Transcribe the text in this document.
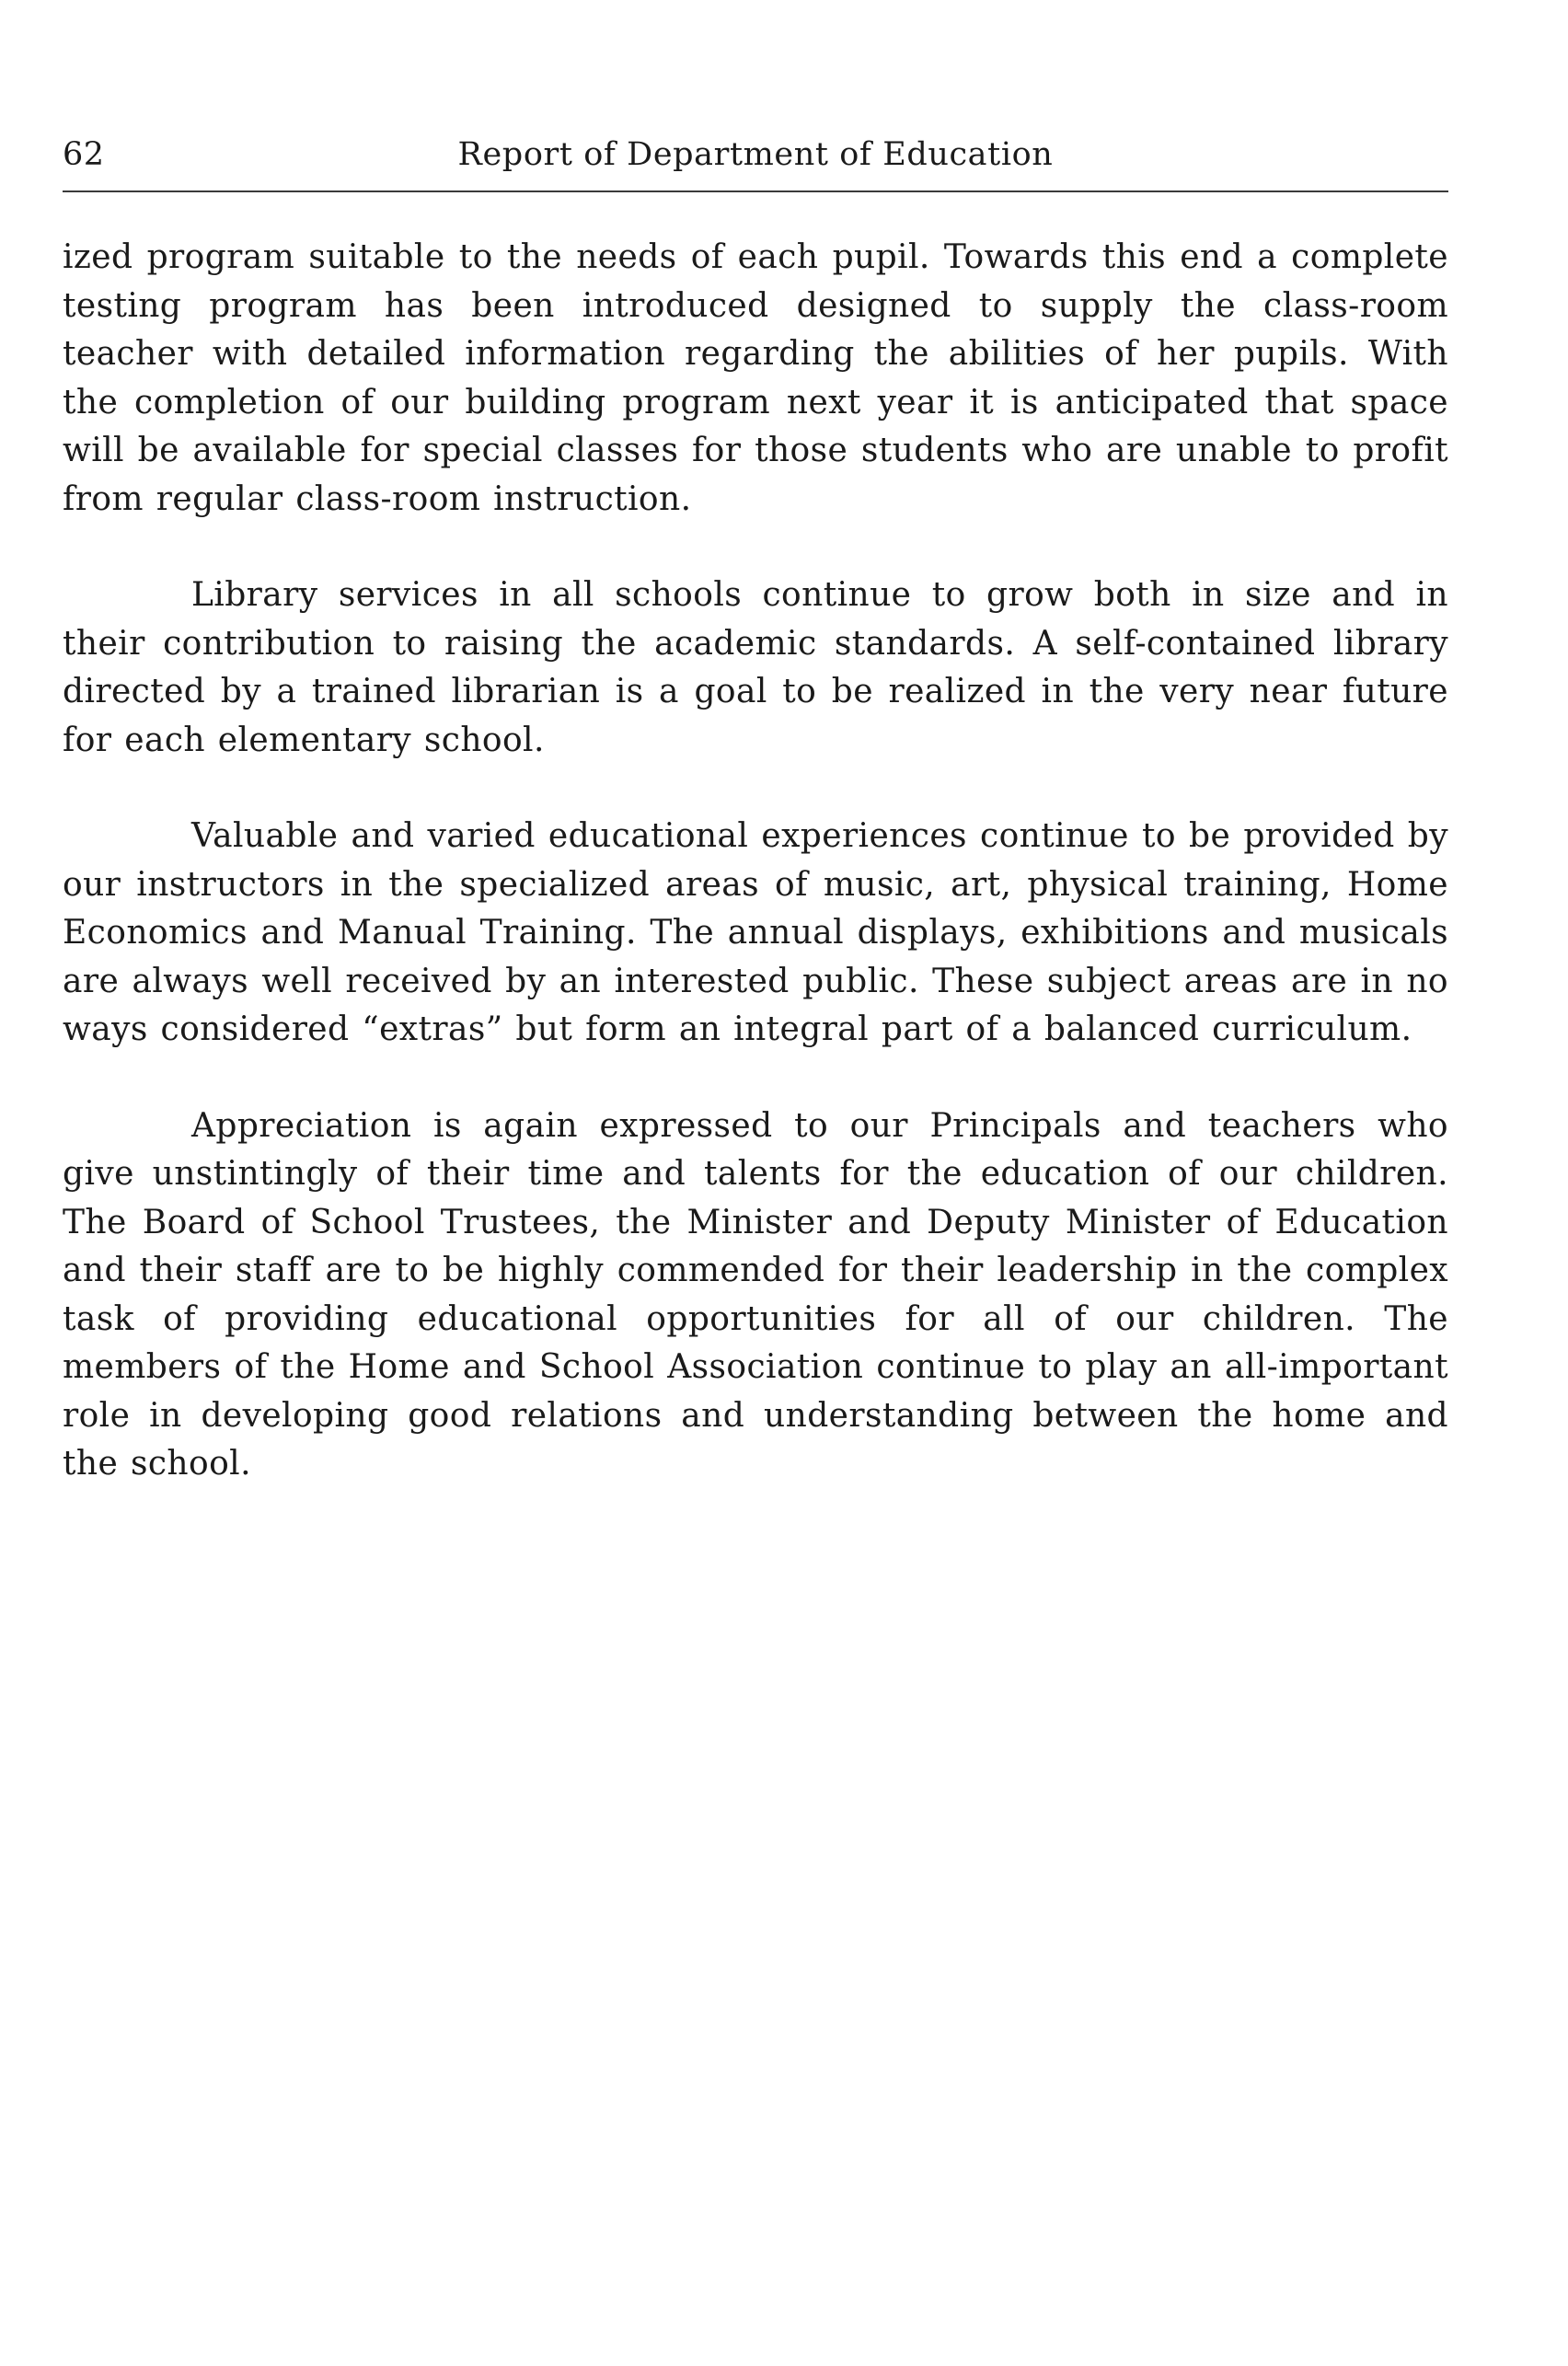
62	Report of Department of Education

ized program suitable to the needs of each pupil. Towards this end a complete testing program has been introduced designed to supply the class-room teacher with detailed information regarding the abilities of her pupils. With the completion of our building program next year it is anticipated that space will be available for special classes for those students who are unable to profit from regular class-room instruction.

Library services in all schools continue to grow both in size and in their contribution to raising the academic standards. A self-contained library directed by a trained librarian is a goal to be realized in the very near future for each elementary school.

Valuable and varied educational experiences continue to be provided by our instructors in the specialized areas of music, art, physical training, Home Economics and Manual Training. The annual displays, exhibitions and musicals are always well received by an interested public. These subject areas are in no ways considered “extras” but form an integral part of a balanced curriculum.

Appreciation is again expressed to our Principals and teachers who give unstintingly of their time and talents for the education of our children. The Board of School Trustees, the Minister and Deputy Minister of Education and their staff are to be highly commended for their leadership in the complex task of providing educational opportunities for all of our children. The members of the Home and School Association continue to play an all-important role in developing good relations and understanding between the home and the school.
